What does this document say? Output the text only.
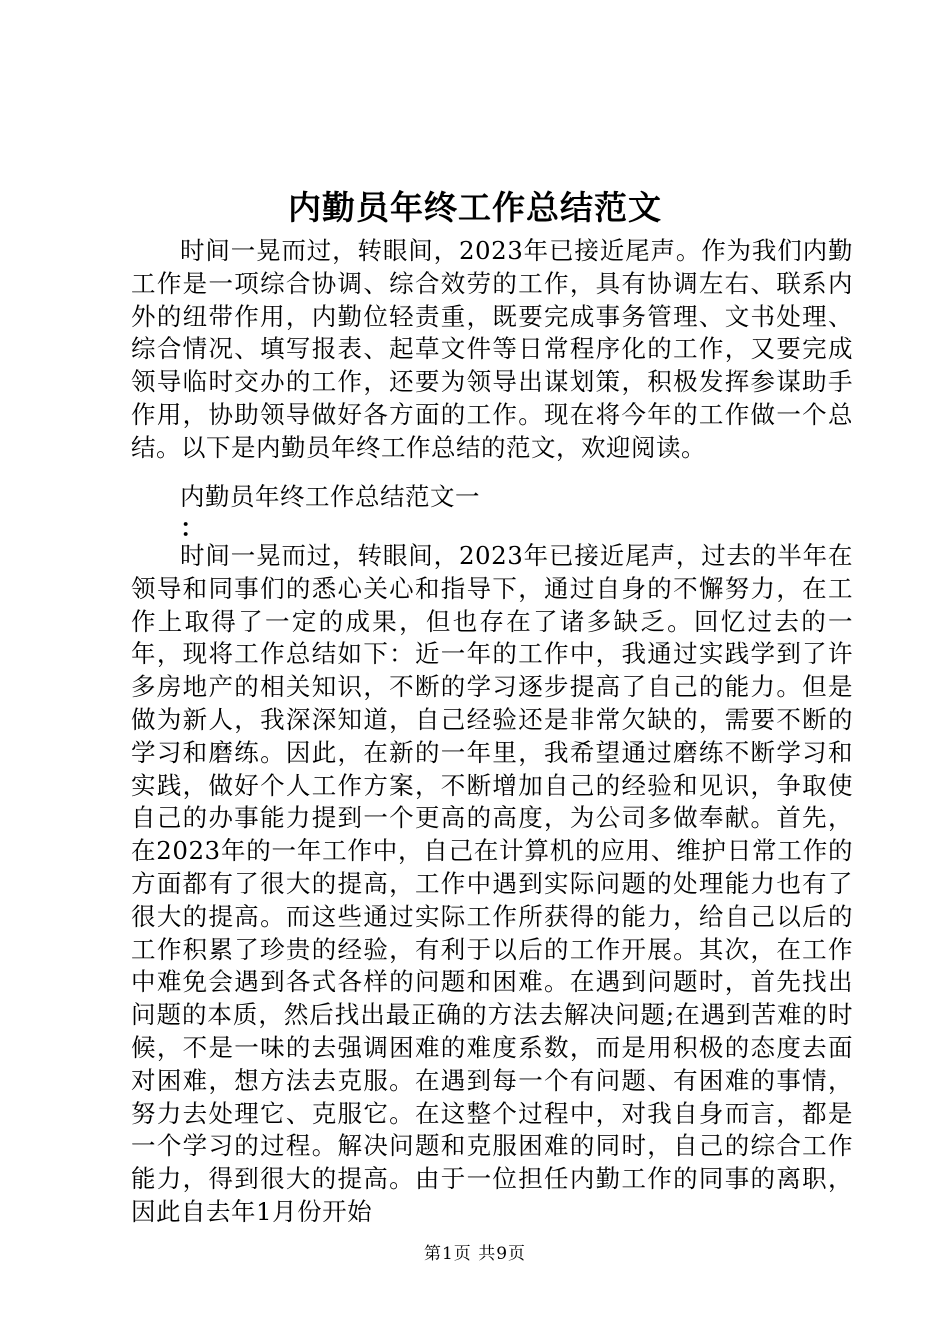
内勤员年终工作总结范文

时间一晃而过，转眼间，2023年已接近尾声。作为我们内勤工作是一项综合协调、综合效劳的工作，具有协调左右、联系内外的纽带作用，内勤位轻责重，既要完成事务管理、文书处理、综合情况、填写报表、起草文件等日常程序化的工作，又要完成领导临时交办的工作，还要为领导出谋划策，积极发挥参谋助手作用，协助领导做好各方面的工作。现在将今年的工作做一个总结。以下是内勤员年终工作总结的范文，欢迎阅读。

内勤员年终工作总结范文一

：

时间一晃而过，转眼间，2023年已接近尾声，过去的半年在领导和同事们的悉心关心和指导下，通过自身的不懈努力，在工作上取得了一定的成果，但也存在了诸多缺乏。回忆过去的一年，现将工作总结如下：近一年的工作中，我通过实践学到了许多房地产的相关知识，不断的学习逐步提高了自己的能力。但是做为新人，我深深知道，自己经验还是非常欠缺的，需要不断的学习和磨练。因此，在新的一年里，我希望通过磨练不断学习和实践，做好个人工作方案，不断增加自己的经验和见识，争取使自己的办事能力提到一个更高的高度，为公司多做奉献。首先，在2023年的一年工作中，自己在计算机的应用、维护日常工作的方面都有了很大的提高，工作中遇到实际问题的处理能力也有了很大的提高。而这些通过实际工作所获得的能力，给自己以后的工作积累了珍贵的经验，有利于以后的工作开展。其次，在工作中难免会遇到各式各样的问题和困难。在遇到问题时，首先找出问题的本质，然后找出最正确的方法去解决问题;在遇到苦难的时候，不是一味的去强调困难的难度系数，而是用积极的态度去面对困难，想方法去克服。在遇到每一个有问题、有困难的事情，努力去处理它、克服它。在这整个过程中，对我自身而言，都是一个学习的过程。解决问题和克服困难的同时，自己的综合工作能力，得到很大的提高。由于一位担任内勤工作的同事的离职，因此自去年1月份开始

第1页 共9页
